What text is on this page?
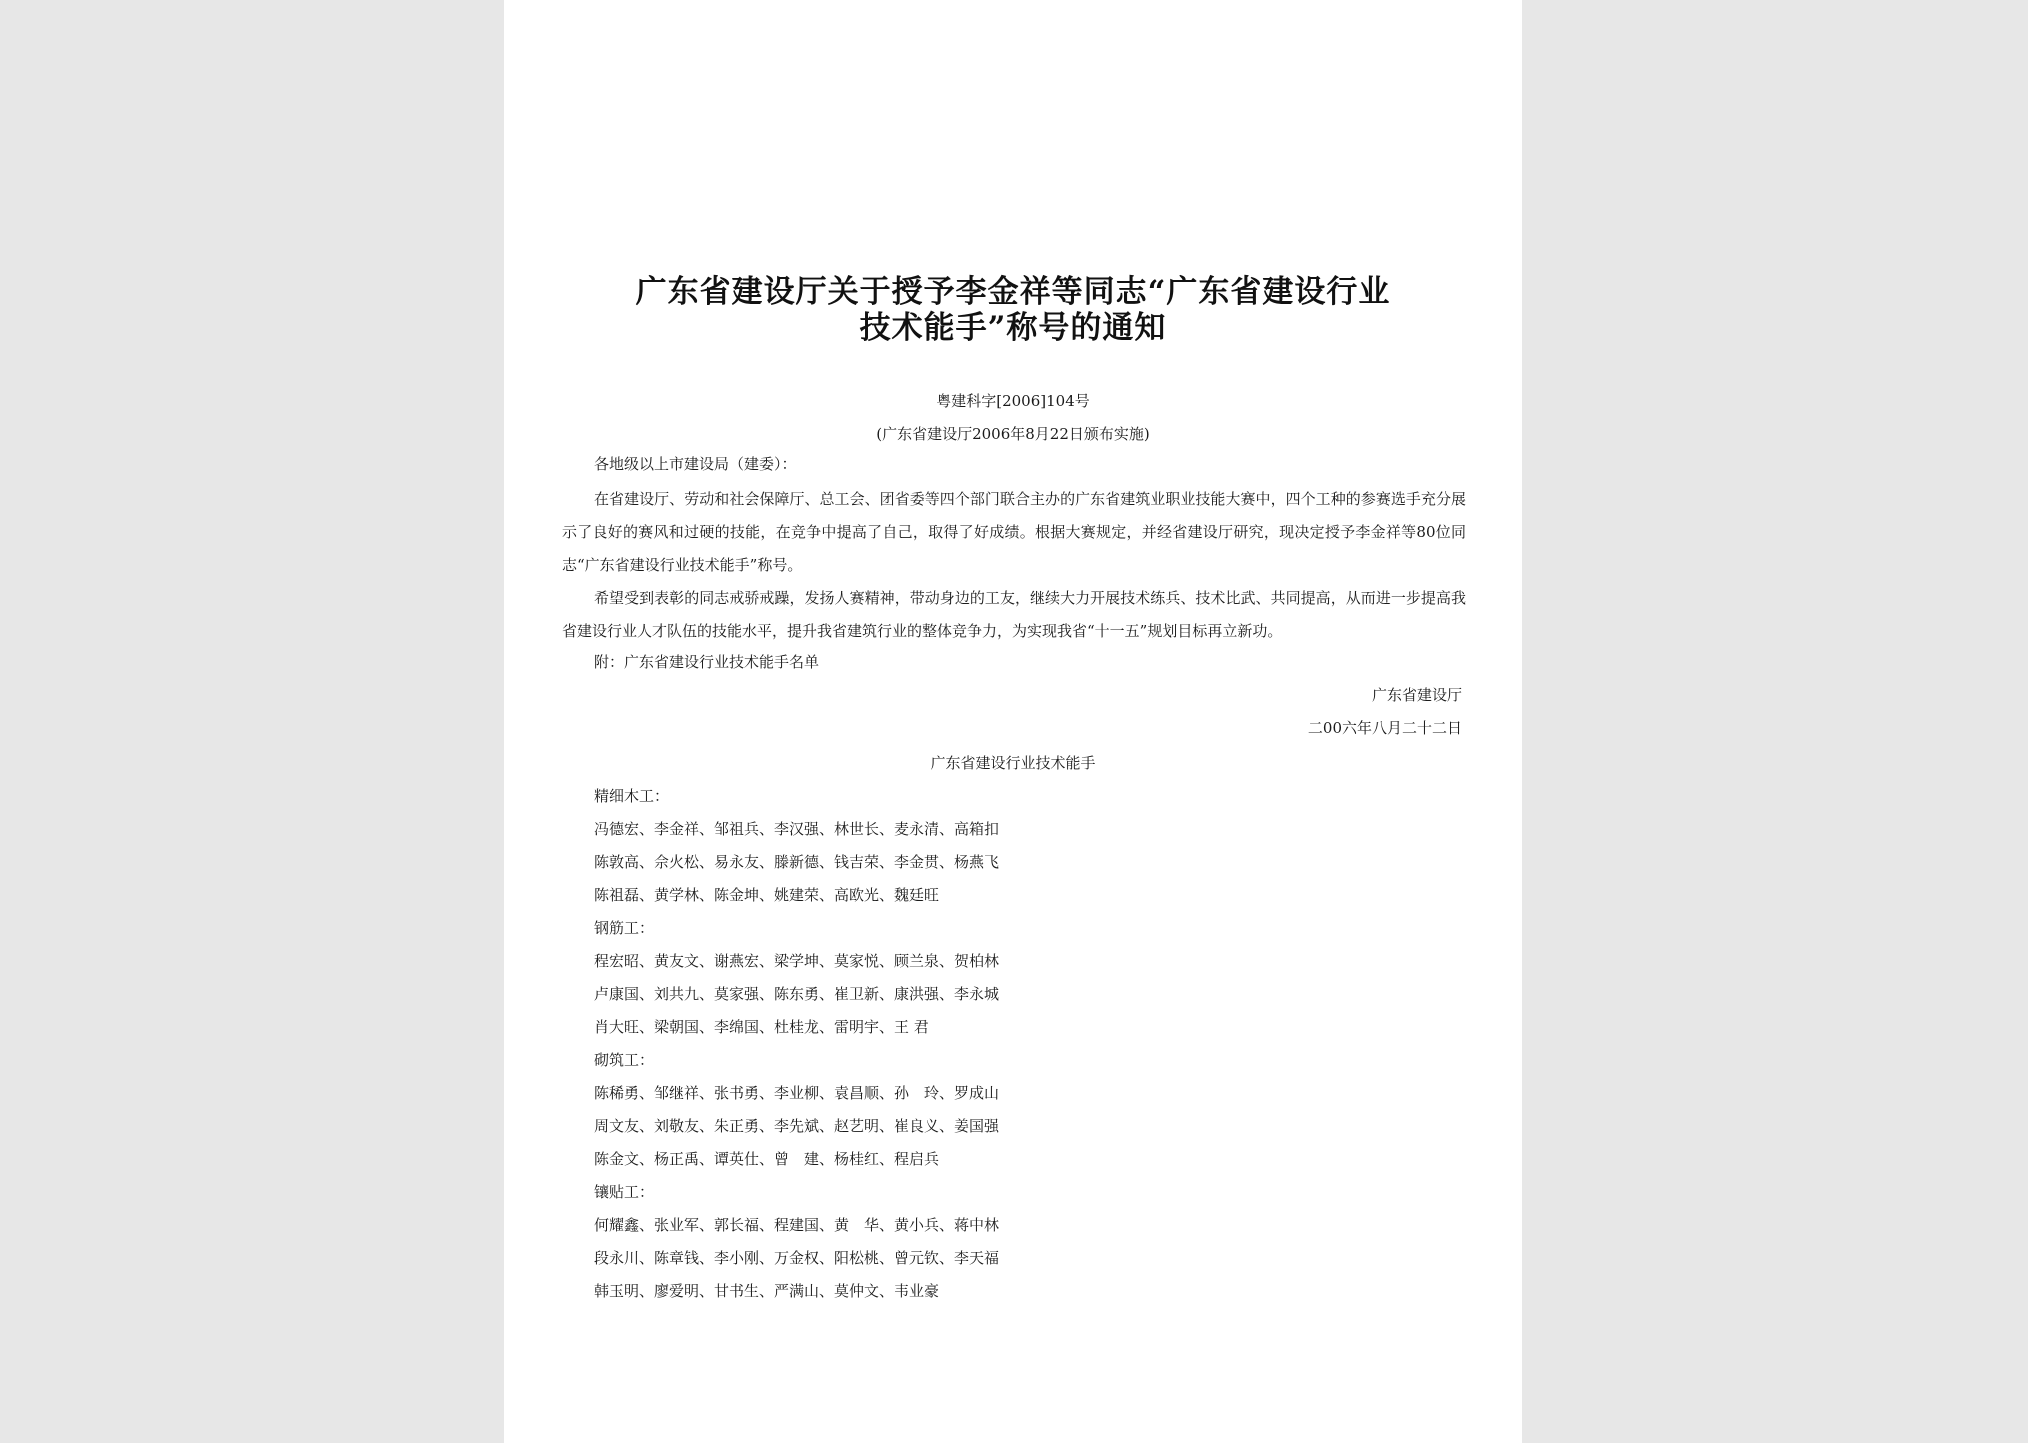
广东省建设厅关于授予李金祥等同志“广东省建设行业
技术能手”称号的通知
粤建科字[2006]104号
(广东省建设厅2006年8月22日颁布实施)
各地级以上市建设局（建委）：
在省建设厅、劳动和社会保障厅、总工会、团省委等四个部门联合主办的广东省建筑业职业技能大赛中，四个工种的参赛选手充分展示了良好的赛风和过硬的技能，在竞争中提高了自己，取得了好成绩。根据大赛规定，并经省建设厅研究，现决定授予李金祥等80位同志“广东省建设行业技术能手”称号。
希望受到表彰的同志戒骄戒躁，发扬人赛精神，带动身边的工友，继续大力开展技术练兵、技术比武、共同提高，从而进一步提高我省建设行业人才队伍的技能水平，提升我省建筑行业的整体竞争力，为实现我省“十一五”规划目标再立新功。
附：广东省建设行业技术能手名单
广东省建设厅
二00六年八月二十二日
广东省建设行业技术能手
精细木工：
冯德宏、李金祥、邹祖兵、李汉强、林世长、麦永清、高箱扣
陈敦高、佘火松、易永友、滕新德、钱吉荣、李金贯、杨燕飞
陈祖磊、黄学林、陈金坤、姚建荣、高欧光、魏廷旺
钢筋工：
程宏昭、黄友文、谢燕宏、梁学坤、莫家悦、顾兰泉、贺柏林
卢康国、刘共九、莫家强、陈东勇、崔卫新、康洪强、李永城
肖大旺、梁朝国、李绵国、杜桂龙、雷明宇、王 君
砌筑工：
陈稀勇、邹继祥、张书勇、李业柳、袁昌顺、孙　玲、罗成山
周文友、刘敬友、朱正勇、李先斌、赵艺明、崔良义、姜国强
陈金文、杨正禹、谭英仕、曾　建、杨桂红、程启兵
镶贴工：
何耀鑫、张业军、郭长福、程建国、黄　华、黄小兵、蒋中林
段永川、陈章钱、李小刚、万金权、阳松桃、曾元钦、李天福
韩玉明、廖爱明、甘书生、严满山、莫仲文、韦业豪
